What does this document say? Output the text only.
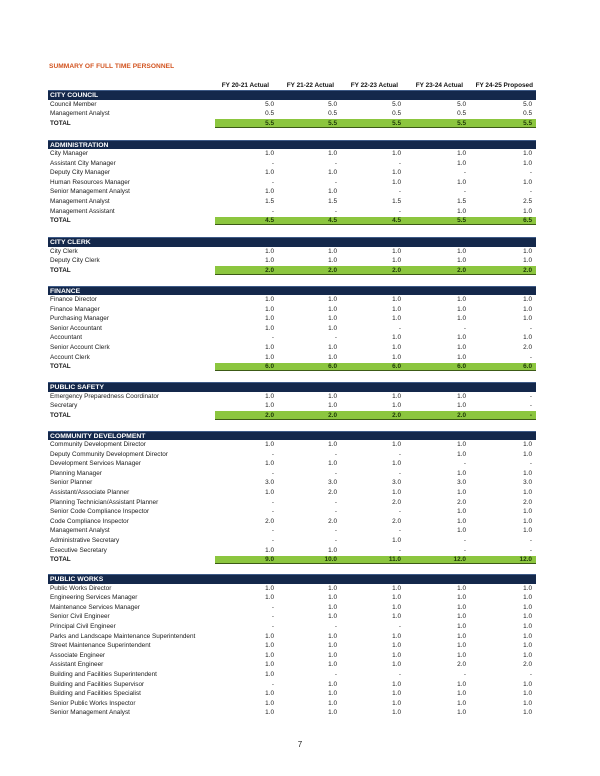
SUMMARY OF FULL TIME PERSONNEL
FY 20-21 Actual	FY 21-22 Actual	FY 22-23 Actual	FY 23-24 Actual FY 24-25 Proposed
CITY COUNCIL
Council Member	5.0	5.0	5.0	5.0	5.0
Management Analyst	0.5	0.5	0.5	0.5	0.5
TOTAL	5.5	5.5	5.5	5.5	5.5
ADMINISTRATION
City Manager	1.0	1.0	1.0	1.0	1.0
Assistant City Manager	-	-	-	1.0	1.0
Deputy City Manager	1.0	1.0	1.0	-	-
Human Resources Manager	-	-	1.0	1.0	1.0
Senior Management Analyst	1.0	1.0	-	-	-
Management Analyst	1.5	1.5	1.5	1.5	2.5
Management Assistant	-	-	-	1.0	1.0
TOTAL	4.5	4.5	4.5	5.5	6.5
CITY CLERK
City Clerk	1.0	1.0	1.0	1.0	1.0
Deputy City Clerk	1.0	1.0	1.0	1.0	1.0
TOTAL	2.0	2.0	2.0	2.0	2.0
FINANCE
Finance Director	1.0	1.0	1.0	1.0	1.0
Finance Manager	1.0	1.0	1.0	1.0	1.0
Purchasing Manager	1.0	1.0	1.0	1.0	1.0
Senior Accountant	1.0	1.0	-	-	-
Accountant	-	-	1.0	1.0	1.0
Senior Account Clerk	1.0	1.0	1.0	1.0	2.0
Account Clerk	1.0	1.0	1.0	1.0	-
TOTAL	6.0	6.0	6.0	6.0	6.0
PUBLIC SAFETY
Emergency Preparedness Coordinator	1.0	1.0	1.0	1.0	-
Secretary	1.0	1.0	1.0	1.0	-
TOTAL	2.0	2.0	2.0	2.0	-
COMMUNITY DEVELOPMENT
Community Development Director	1.0	1.0	1.0	1.0	1.0
Deputy Community Development Director	-	-	-	1.0	1.0
Development Services Manager	1.0	1.0	1.0	-	-
Planning Manager	-	-	-	1.0	1.0
Senior Planner	3.0	3.0	3.0	3.0	3.0
Assistant/Associate Planner	1.0	2.0	1.0	1.0	1.0
Planning Technician/Assistant Planner	-	-	2.0	2.0	2.0
Senior Code Compliance Inspector	-	-	-	1.0	1.0
Code Compliance Inspector	2.0	2.0	2.0	1.0	1.0
Management Analyst	-	-	-	1.0	1.0
Administrative Secretary	-	-	1.0	-	-
Executive Secretary	1.0	1.0	-	-	-
TOTAL	9.0	10.0	11.0	12.0	12.0
PUBLIC WORKS
Public Works Director	1.0	1.0	1.0	1.0	1.0
Engineering Services Manager	1.0	1.0	1.0	1.0	1.0
Maintenance Services Manager	-	1.0	1.0	1.0	1.0
Senior Civil Engineer	-	1.0	1.0	1.0	1.0
Principal Civil Engineer	-	-	-	1.0	1.0
Parks and Landscape Maintenance Superintendent	1.0	1.0	1.0	1.0	1.0
Street Maintenance Superintendent	1.0	1.0	1.0	1.0	1.0
Associate Engineer	1.0	1.0	1.0	1.0	1.0
Assistant Engineer	1.0	1.0	1.0	2.0	2.0
Building and Facilities Superintendent	1.0	-	-	-	-
Building and Facilities Supervisor	-	1.0	1.0	1.0	1.0
Building and Facilities Specialist	1.0	1.0	1.0	1.0	1.0
Senior Public Works Inspector	1.0	1.0	1.0	1.0	1.0
Senior Management Analyst	1.0	1.0	1.0	1.0	1.0
7
